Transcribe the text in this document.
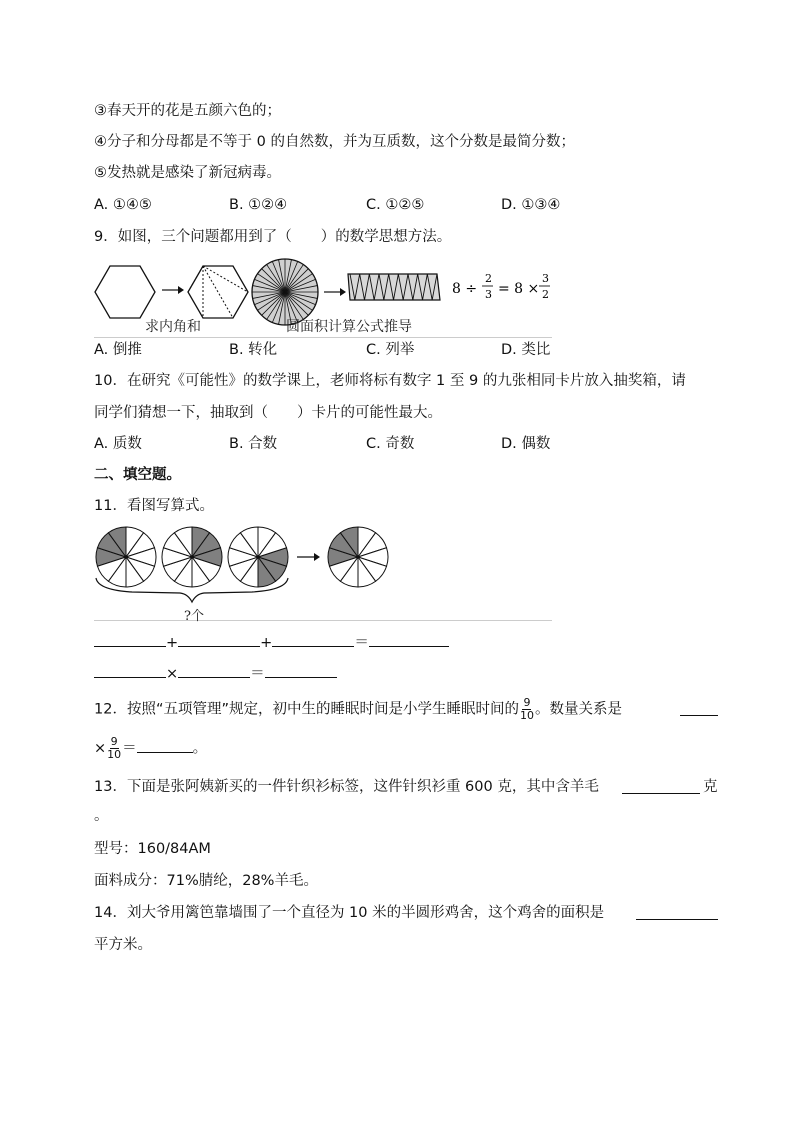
③春天开的花是五颜六色的；
④分子和分母都是不等于 0 的自然数，并为互质数，这个分数是最简分数；
⑤发热就是感染了新冠病毒。
A. ①④⑤	B. ①②④	C. ①②⑤	D. ①③④
9．如图，三个问题都用到了（　　）的数学思想方法。
8 ÷
2
3 = 8 ×
3
2
求内角和	圆面积计算公式推导
A. 倒推	B. 转化	C. 列举	D. 类比
10．在研究《可能性》的数学课上，老师将标有数字 1 至 9 的九张相同卡片放入抽奖箱，请
同学们猜想一下，抽取到（　　）卡片的可能性最大。
A. 质数	B. 合数	C. 奇数	D. 偶数
二、填空题。
11．看图写算式。
?个
+	+	＝
×	＝
12．按照“五项管理”规定，初中生的睡眠时间是小学生睡眠时间的 $\frac{9}{10}$ 。数量关系是
× $\frac{9}{10}$ ＝	。
13．下面是张阿姨新买的一件针织衫标签，这件针织衫重 600 克，其中含羊毛	克
。
型号：160/84AM
面料成分：71%腈纶，28%羊毛。
14．刘大爷用篱笆靠墙围了一个直径为 10 米的半圆形鸡舍，这个鸡舍的面积是
平方米。
